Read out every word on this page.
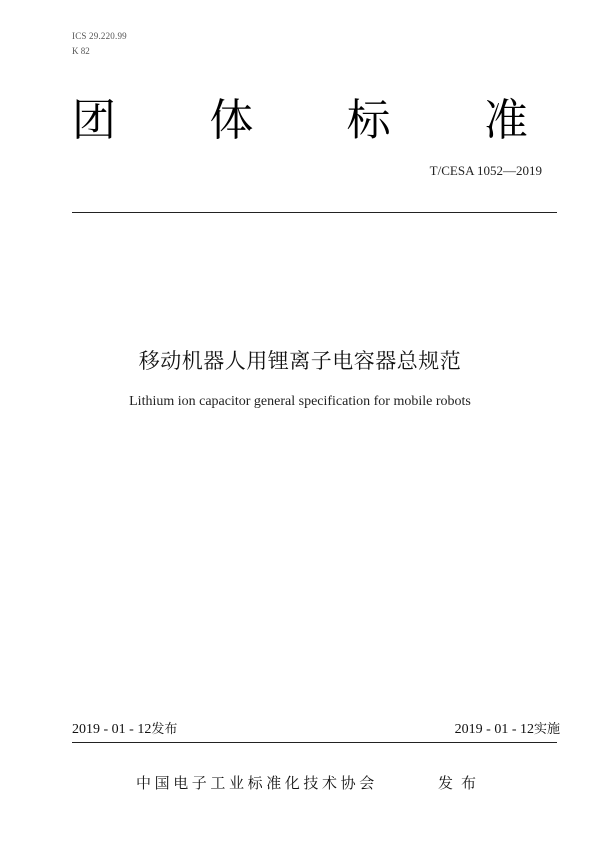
ICS 29.220.99
K 82
团 体 标 准
T/CESA 1052—2019
移动机器人用锂离子电容器总规范
Lithium ion capacitor general specification for mobile robots
2019 - 01 - 12发布	2019 - 01 - 12实施
中国电子工业标准化技术协会	发布
